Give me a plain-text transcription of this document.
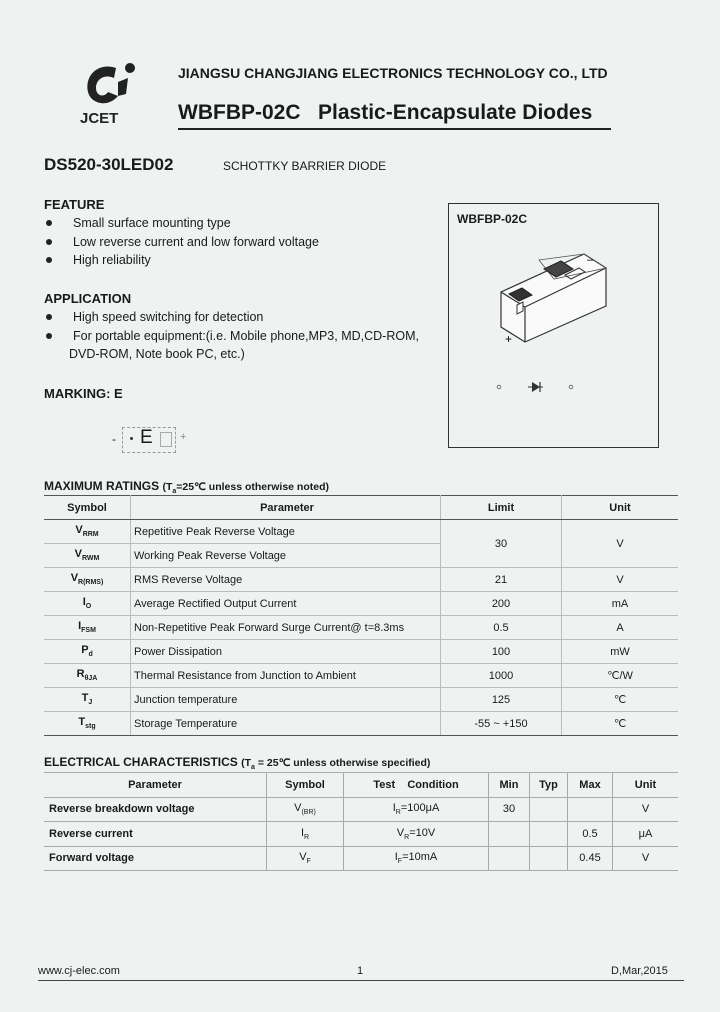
JCET
JIANGSU CHANGJIANG ELECTRONICS TECHNOLOGY CO., LTD
WBFBP-02C Plastic-Encapsulate Diodes
DS520-30LED02	SCHOTTKY BARRIER DIODE
FEATURE
Small surface mounting type
Low reverse current and low forward voltage
High reliability
APPLICATION
High speed switching for detection
For portable equipment:(i.e. Mobile phone,MP3, MD,CD-ROM,
DVD-ROM, Note book PC, etc.)
MARKING: E
- E +
WBFBP-02C
–
+
MAXIMUM RATINGS ($T_a=25℃$ unless otherwise noted)
Symbol	Parameter	Limit	Unit
$V_{RRM}$	Repetitive Peak Reverse Voltage	30	V
$V_{RWM}$	Working Peak Reverse Voltage		
$V_{R(RMS)}$	RMS Reverse Voltage	21	V
$I_O$	Average Rectified Output Current	200	mA
$I_{FSM}$	Non-Repetitive Peak Forward Surge Current@ t=8.3ms	0.5	A
$P_d$	Power Dissipation	100	mW
$R_{\theta JA}$	Thermal Resistance from Junction to Ambient	1000	℃/W
$T_J$	Junction temperature	125	℃
$T_{stg}$	Storage Temperature	-55 ~ +150	℃
ELECTRICAL CHARACTERISTICS ($T_a$ = 25℃ unless otherwise specified)
Parameter	Symbol	Test    Condition	Min	Typ	Max	Unit
Reverse breakdown voltage	$V_{(BR)}$	$I_R=100\mu A$	30			V
Reverse current	$I_R$	$V_R=10V$			0.5	μA
Forward voltage	$V_F$	$I_F=10mA$			0.45	V
www.cj-elec.com	1	D,Mar,2015
